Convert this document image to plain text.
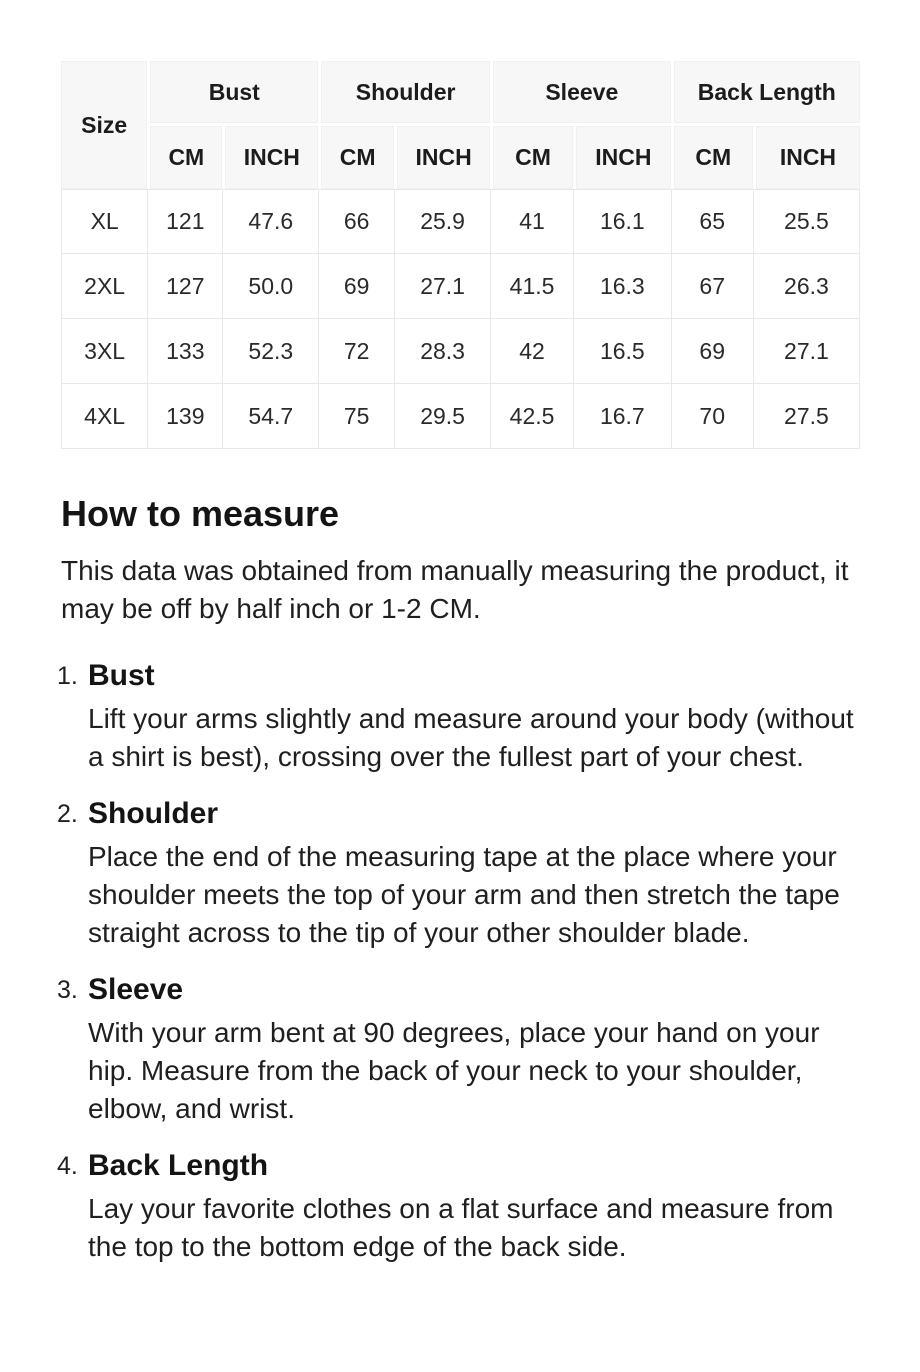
Size	Bust		Shoulder		Sleeve		Back Length	
	CM	INCH	CM	INCH	CM	INCH	CM	INCH
XL	121	47.6	66	25.9	41	16.1	65	25.5
2XL	127	50.0	69	27.1	41.5	16.3	67	26.3
3XL	133	52.3	72	28.3	42	16.5	69	27.1
4XL	139	54.7	75	29.5	42.5	16.7	70	27.5
How to measure

This data was obtained from manually measuring the product, it may be off by half inch or 1-2 CM.

1. Bust
Lift your arms slightly and measure around your body (without a shirt is best), crossing over the fullest part of your chest.
2. Shoulder
Place the end of the measuring tape at the place where your shoulder meets the top of your arm and then stretch the tape straight across to the tip of your other shoulder blade.
3. Sleeve
With your arm bent at 90 degrees, place your hand on your hip. Measure from the back of your neck to your shoulder, elbow, and wrist.
4. Back Length
Lay your favorite clothes on a flat surface and measure from the top to the bottom edge of the back side.
